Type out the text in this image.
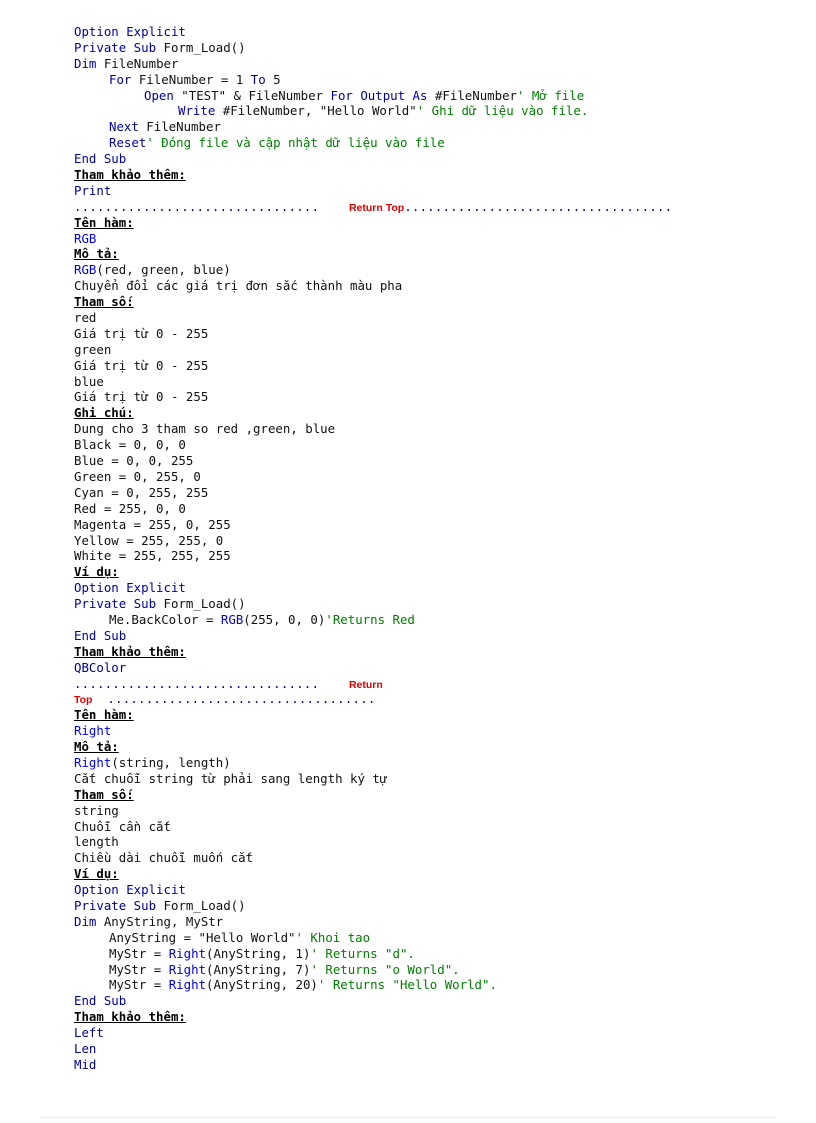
Option Explicit
Private Sub Form_Load()
Dim FileNumber
For FileNumber = 1 To 5
Open "TEST" & FileNumber For Output As #FileNumber' Mở file
Write #FileNumber, "Hello World"' Ghi dữ liệu vào file.
Next FileNumber
Reset' Đóng file và cập nhật dữ liệu vào file
End Sub
Tham khảo thêm:
Print
................................	Return Top...................................
Tên hàm:
RGB
Mô tả:
RGB(red, green, blue)
Chuyển đổi các giá trị đơn sắc thành màu pha
Tham số:
red
Giá trị từ 0 - 255
green
Giá trị từ 0 - 255
blue
Giá trị từ 0 - 255
Ghi chú:
Dung cho 3 tham so red ,green, blue
Black = 0, 0, 0
Blue = 0, 0, 255
Green = 0, 255, 0
Cyan = 0, 255, 255
Red = 255, 0, 0
Magenta = 255, 0, 255
Yellow = 255, 255, 0
White = 255, 255, 255
Ví dụ:
Option Explicit
Private Sub Form_Load()
Me.BackColor = RGB(255, 0, 0)'Returns Red
End Sub
Tham khảo thêm:
QBColor
................................	Return
Top ...................................
Tên hàm:
Right
Mô tả:
Right(string, length)
Cắt chuỗi string từ phải sang length ký tự
Tham số:
string
Chuỗi cần cắt
length
Chiều dài chuỗi muốn cắt
Ví dụ:
Option Explicit
Private Sub Form_Load()
Dim AnyString, MyStr
AnyString = "Hello World"' Khoi tao
MyStr = Right(AnyString, 1)' Returns "d".
MyStr = Right(AnyString, 7)' Returns "o World".
MyStr = Right(AnyString, 20)' Returns "Hello World".
End Sub
Tham khảo thêm:
Left
Len
Mid
